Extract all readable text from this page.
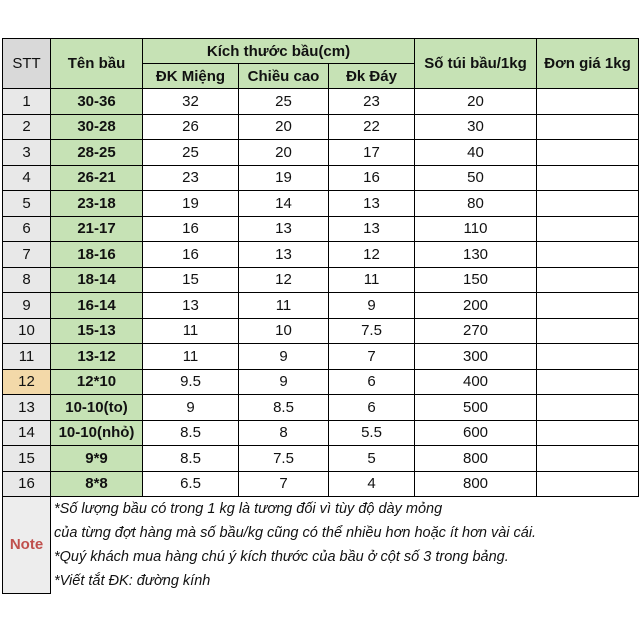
STT	Tên bầu	Kích thước bầu(cm)			Số túi bầu/1kg	Đơn giá 1kg
		ĐK Miệng	Chiều cao	Đk Đáy		
1	30-36	32	25	23	20	
2	30-28	26	20	22	30	
3	28-25	25	20	17	40	
4	26-21	23	19	16	50	
5	23-18	19	14	13	80	
6	21-17	16	13	13	110	
7	18-16	16	13	12	130	
8	18-14	15	12	11	150	
9	16-14	13	11	9	200	
10	15-13	11	10	7.5	270	
11	13-12	11	9	7	300	
12	12*10	9.5	9	6	400	
13	10-10(to)	9	8.5	6	500	
14	10-10(nhỏ)	8.5	8	5.5	600	
15	9*9	8.5	7.5	5	800	
16	8*8	6.5	7	4	800	
Note	*Số lượng bầu có trong 1 kg là tương đối vì tùy độ dày mỏng					
	của từng đợt hàng mà số bầu/kg cũng có thể nhiều hơn hoặc ít hơn vài cái.					
	*Quý khách mua hàng chú ý kích thước của bầu ở cột số 3 trong bảng.					
	*Viết tắt ĐK: đường kính					
